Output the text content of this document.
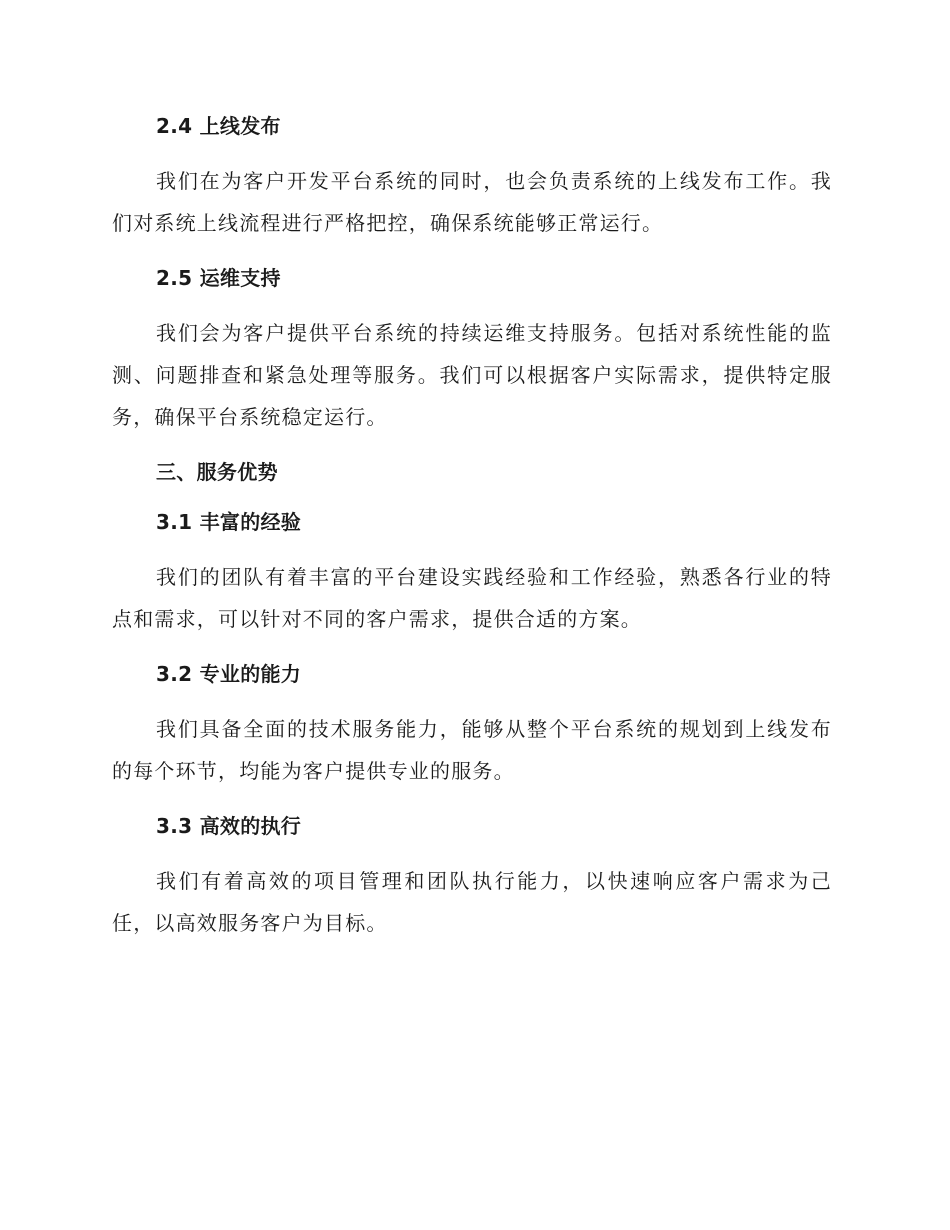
2.4 上线发布

我们在为客户开发平台系统的同时，也会负责系统的上线发布工作。我们对系统上线流程进行严格把控，确保系统能够正常运行。

2.5 运维支持

我们会为客户提供平台系统的持续运维支持服务。包括对系统性能的监测、问题排查和紧急处理等服务。我们可以根据客户实际需求，提供特定服务，确保平台系统稳定运行。

三、服务优势
3.1 丰富的经验

我们的团队有着丰富的平台建设实践经验和工作经验，熟悉各行业的特点和需求，可以针对不同的客户需求，提供合适的方案。

3.2 专业的能力

我们具备全面的技术服务能力，能够从整个平台系统的规划到上线发布的每个环节，均能为客户提供专业的服务。

3.3 高效的执行

我们有着高效的项目管理和团队执行能力，以快速响应客户需求为己任，以高效服务客户为目标。
